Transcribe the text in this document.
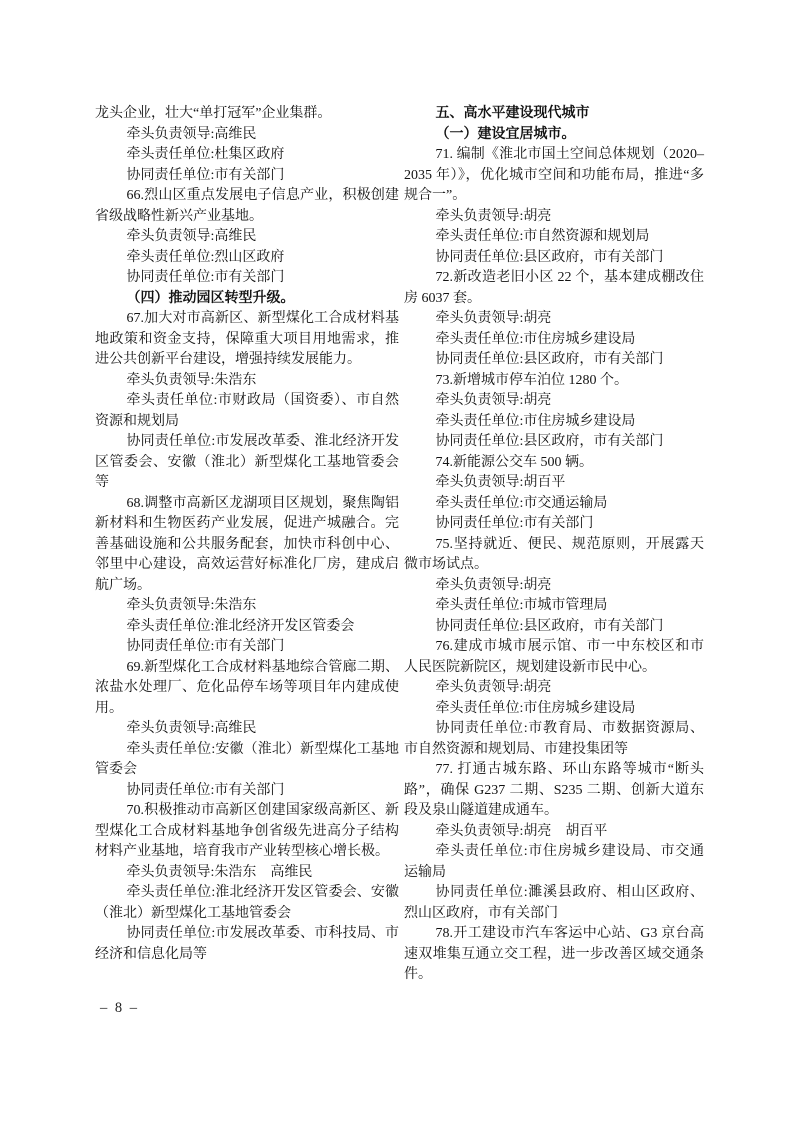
龙头企业，壮大“单打冠军”企业集群。

牵头负责领导:高维民

牵头责任单位:杜集区政府

协同责任单位:市有关部门

66.烈山区重点发展电子信息产业，积极创建省级战略性新兴产业基地。

牵头负责领导:高维民

牵头责任单位:烈山区政府

协同责任单位:市有关部门

（四）推动园区转型升级。

67.加大对市高新区、新型煤化工合成材料基地政策和资金支持，保障重大项目用地需求，推进公共创新平台建设，增强持续发展能力。

牵头负责领导:朱浩东

牵头责任单位:市财政局（国资委）、市自然资源和规划局

协同责任单位:市发展改革委、淮北经济开发区管委会、安徽（淮北）新型煤化工基地管委会等

68.调整市高新区龙湖项目区规划，聚焦陶铝新材料和生物医药产业发展，促进产城融合。完善基础设施和公共服务配套，加快市科创中心、邻里中心建设，高效运营好标准化厂房，建成启航广场。

牵头负责领导:朱浩东

牵头责任单位:淮北经济开发区管委会

协同责任单位:市有关部门

69.新型煤化工合成材料基地综合管廊二期、浓盐水处理厂、危化品停车场等项目年内建成使用。

牵头负责领导:高维民

牵头责任单位:安徽（淮北）新型煤化工基地管委会

协同责任单位:市有关部门

70.积极推动市高新区创建国家级高新区、新型煤化工合成材料基地争创省级先进高分子结构材料产业基地，培育我市产业转型核心增长极。

牵头负责领导:朱浩东　高维民

牵头责任单位:淮北经济开发区管委会、安徽（淮北）新型煤化工基地管委会

协同责任单位:市发展改革委、市科技局、市经济和信息化局等

五、高水平建设现代城市

（一）建设宜居城市。

71. 编制《淮北市国土空间总体规划（2020–2035 年）》，优化城市空间和功能布局，推进“多规合一”。

牵头负责领导:胡亮

牵头责任单位:市自然资源和规划局

协同责任单位:县区政府，市有关部门

72.新改造老旧小区 22 个，基本建成棚改住房 6037 套。

牵头负责领导:胡亮

牵头责任单位:市住房城乡建设局

协同责任单位:县区政府，市有关部门

73.新增城市停车泊位 1280 个。

牵头负责领导:胡亮

牵头责任单位:市住房城乡建设局

协同责任单位:县区政府，市有关部门

74.新能源公交车 500 辆。

牵头负责领导:胡百平

牵头责任单位:市交通运输局

协同责任单位:市有关部门

75.坚持就近、便民、规范原则，开展露天微市场试点。

牵头负责领导:胡亮

牵头责任单位:市城市管理局

协同责任单位:县区政府，市有关部门

76.建成市城市展示馆、市一中东校区和市人民医院新院区，规划建设新市民中心。

牵头负责领导:胡亮

牵头责任单位:市住房城乡建设局

协同责任单位:市教育局、市数据资源局、市自然资源和规划局、市建投集团等

77. 打通古城东路、环山东路等城市“断头路”，确保 G237 二期、S235 二期、创新大道东段及泉山隧道建成通车。

牵头负责领导:胡亮　胡百平

牵头责任单位:市住房城乡建设局、市交通运输局

协同责任单位:濉溪县政府、相山区政府、烈山区政府，市有关部门

78.开工建设市汽车客运中心站、G3 京台高速双堆集互通立交工程，进一步改善区域交通条件。

– 8 –
